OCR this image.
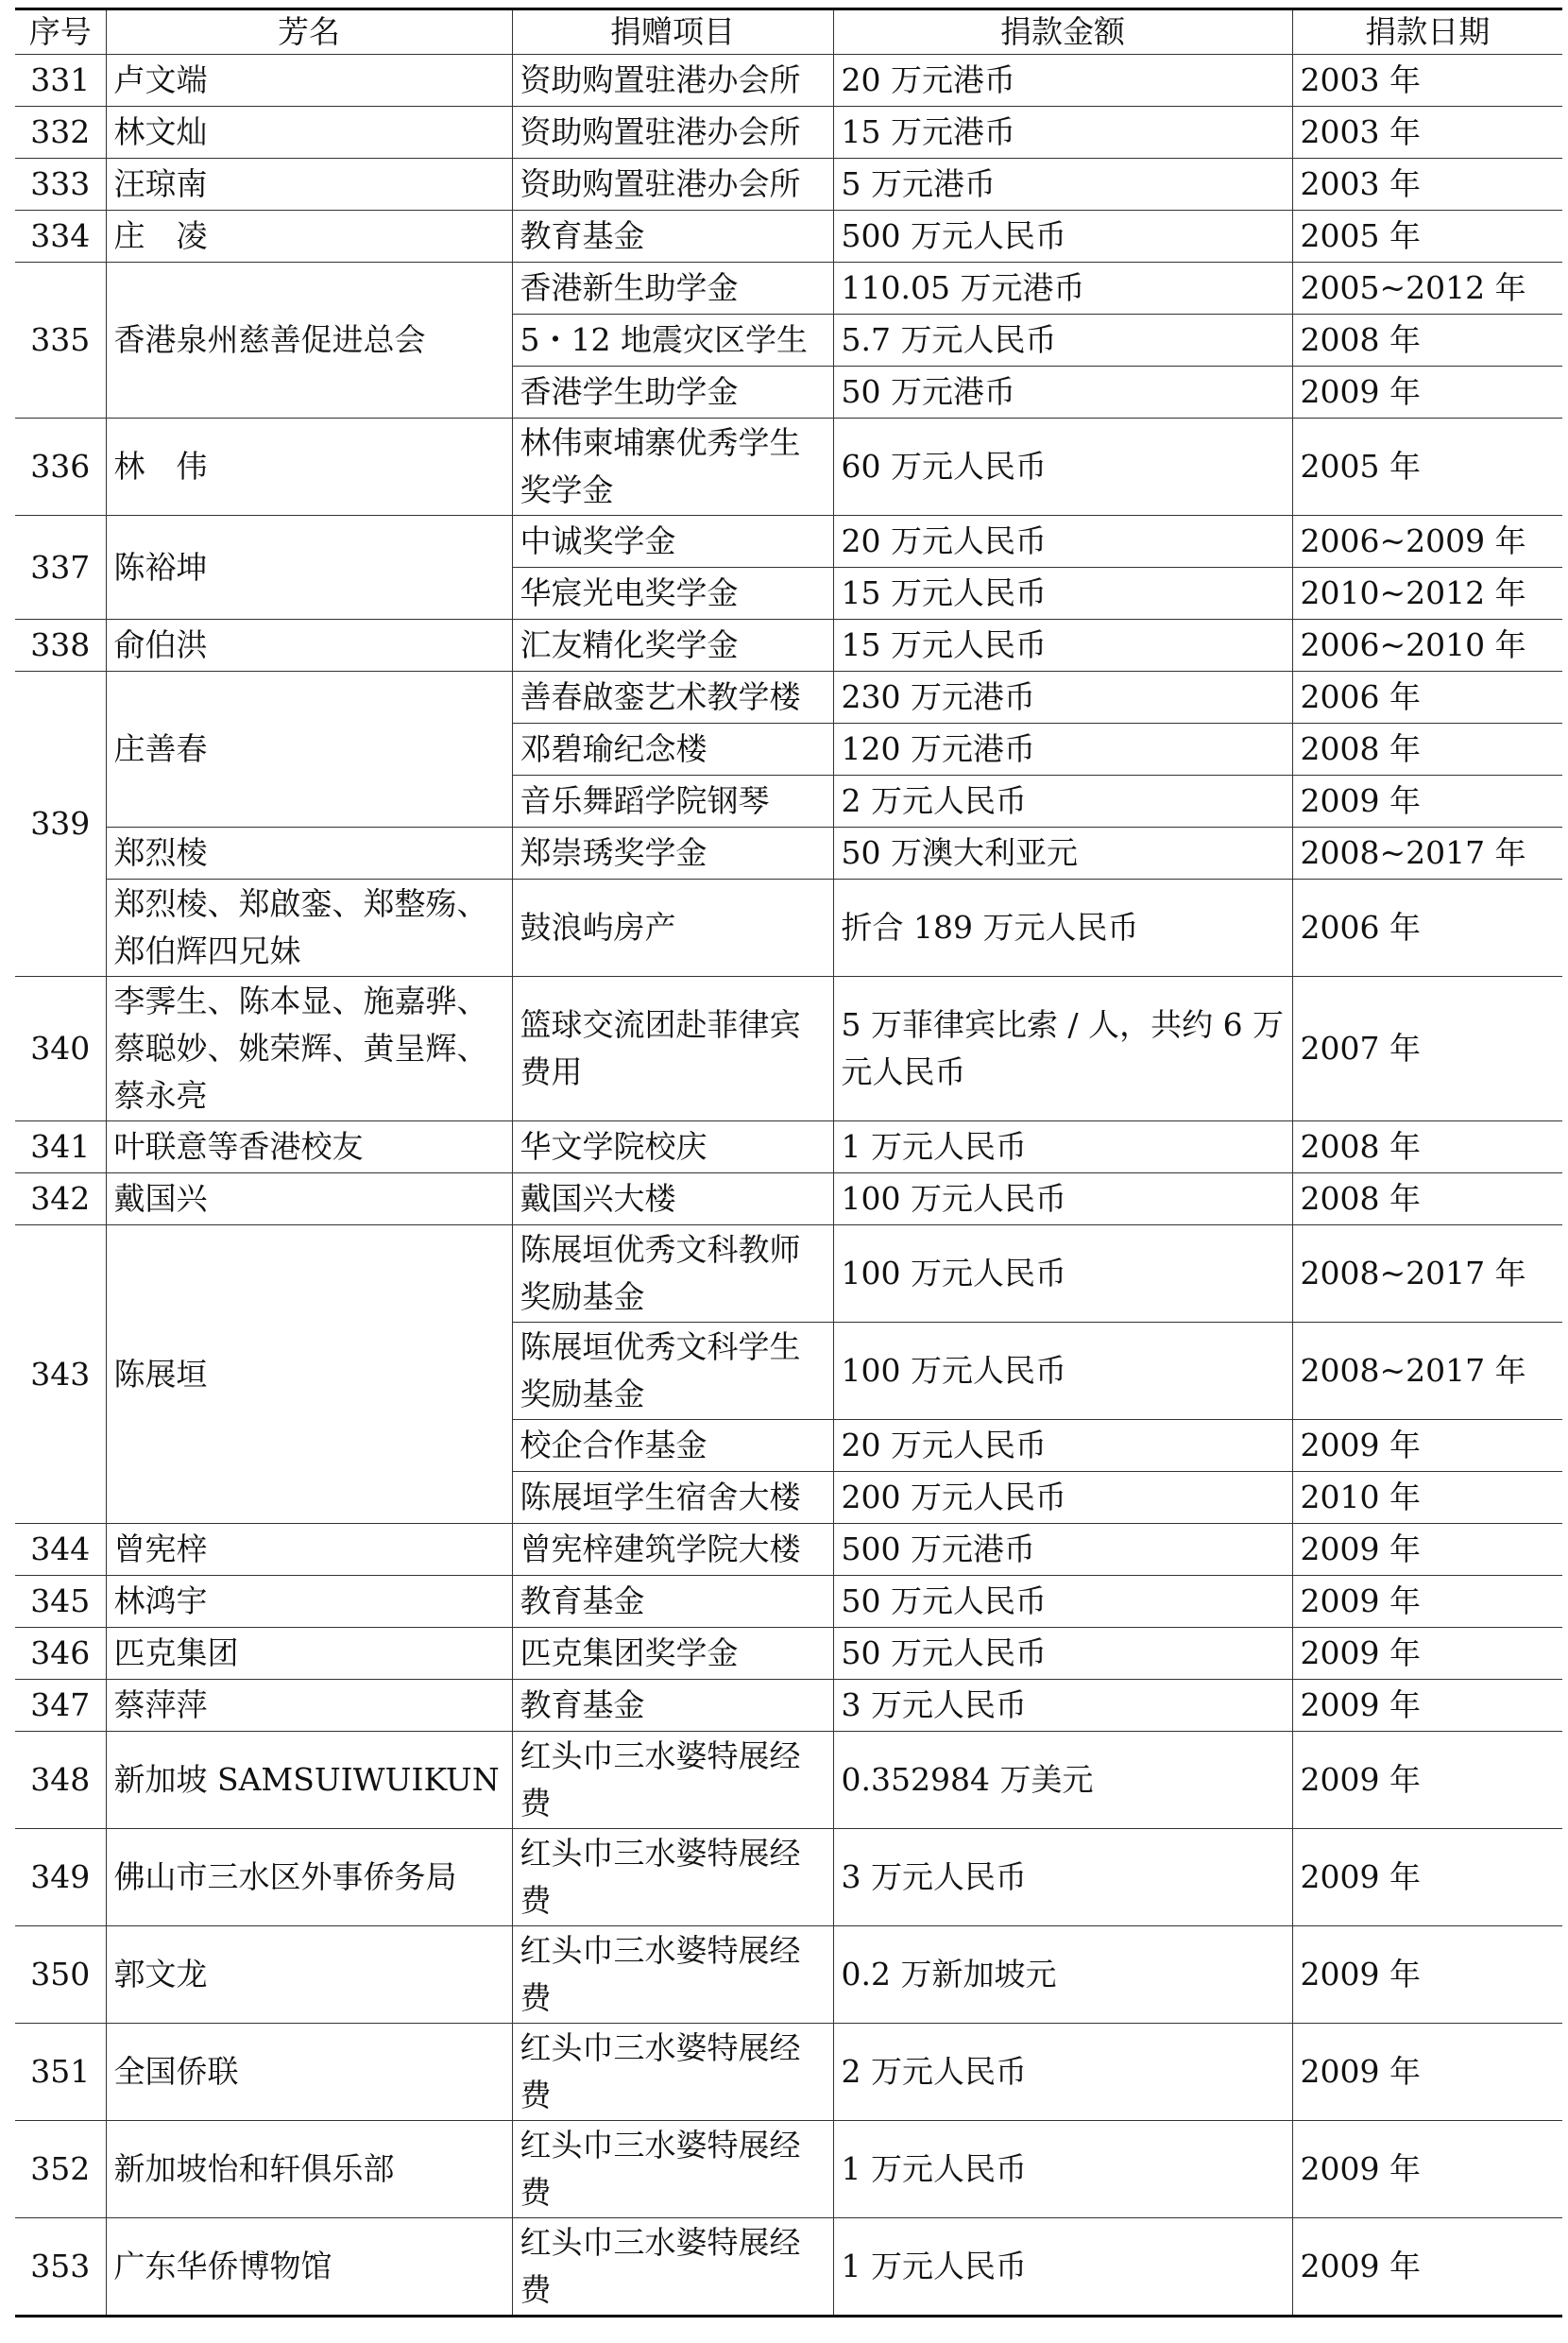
序号	芳名	捐赠项目	捐款金额	捐款日期
331	卢文端	资助购置驻港办会所	20 万元港币	2003 年
332	林文灿	资助购置驻港办会所	15 万元港币	2003 年
333	汪琼南	资助购置驻港办会所	5 万元港币	2003 年
334	庄　凌	教育基金	500 万元人民币	2005 年
335	香港泉州慈善促进总会	香港新生助学金	110.05 万元港币	2005~2012 年
		5・12 地震灾区学生	5.7 万元人民币	2008 年
		香港学生助学金	50 万元港币	2009 年
336	林　伟	林伟柬埔寨优秀学生奖学金	60 万元人民币	2005 年
337	陈裕坤	中诚奖学金	20 万元人民币	2006~2009 年
		华宸光电奖学金	15 万元人民币	2010~2012 年
338	俞伯洪	汇友精化奖学金	15 万元人民币	2006~2010 年
339	庄善春	善春啟銮艺术教学楼	230 万元港币	2006 年
		邓碧瑜纪念楼	120 万元港币	2008 年
		音乐舞蹈学院钢琴	2 万元人民币	2009 年
	郑烈棱	郑崇琇奖学金	50 万澳大利亚元	2008~2017 年
	郑烈棱、郑啟銮、郑整殇、郑伯辉四兄妹	鼓浪屿房产	折合 189 万元人民币	2006 年
340	李霁生、陈本显、施嘉骅、蔡聪妙、姚荣辉、黄呈辉、蔡永亮	篮球交流团赴菲律宾费用	5 万菲律宾比索 / 人，共约 6 万元人民币	2007 年
341	叶联意等香港校友	华文学院校庆	1 万元人民币	2008 年
342	戴国兴	戴国兴大楼	100 万元人民币	2008 年
343	陈展垣	陈展垣优秀文科教师奖励基金	100 万元人民币	2008~2017 年
		陈展垣优秀文科学生奖励基金	100 万元人民币	2008~2017 年
		校企合作基金	20 万元人民币	2009 年
		陈展垣学生宿舍大楼	200 万元人民币	2010 年
344	曾宪梓	曾宪梓建筑学院大楼	500 万元港币	2009 年
345	林鸿宇	教育基金	50 万元人民币	2009 年
346	匹克集团	匹克集团奖学金	50 万元人民币	2009 年
347	蔡萍萍	教育基金	3 万元人民币	2009 年
348	新加坡 SAMSUIWUIKUN	红头巾三水婆特展经费	0.352984 万美元	2009 年
349	佛山市三水区外事侨务局	红头巾三水婆特展经费	3 万元人民币	2009 年
350	郭文龙	红头巾三水婆特展经费	0.2 万新加坡元	2009 年
351	全国侨联	红头巾三水婆特展经费	2 万元人民币	2009 年
352	新加坡怡和轩俱乐部	红头巾三水婆特展经费	1 万元人民币	2009 年
353	广东华侨博物馆	红头巾三水婆特展经费	1 万元人民币	2009 年
